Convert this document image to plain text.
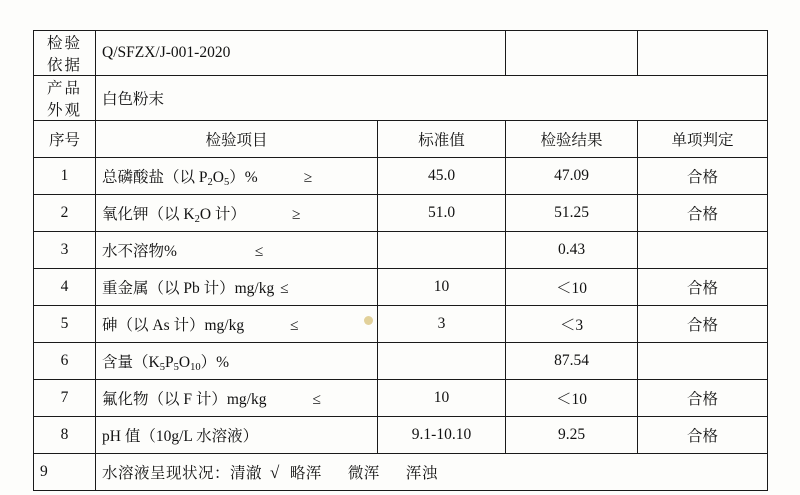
检验依据	Q/SFZX/J-001-2020			
产品外观	白色粉末			
序号	检验项目	标准值	检验结果	单项判定
1	总磷酸盐（以 $P_2O_5)\%$ ≥	45.0	47.09	合格
2	氧化钾（以 $K_2O$ 计） ≥	51.0	51.25	合格
3	水不溶物% ≤		0.43	
4	重金属（以 Pb 计）mg/kg ≤	10	＜10	合格
5	砷（以 As 计）mg/kg ≤	3	＜3	合格
6	含量$(K_5P_5O_{10})\%$		87.54	
7	氟化物（以 F 计）mg/kg ≤	10	＜10	合格
8	pH 值（10g/L 水溶液）	9.1-10.10	9.25	合格
9	水溶液呈现状况：清澈 √ 略浑 微浑 浑浊			
